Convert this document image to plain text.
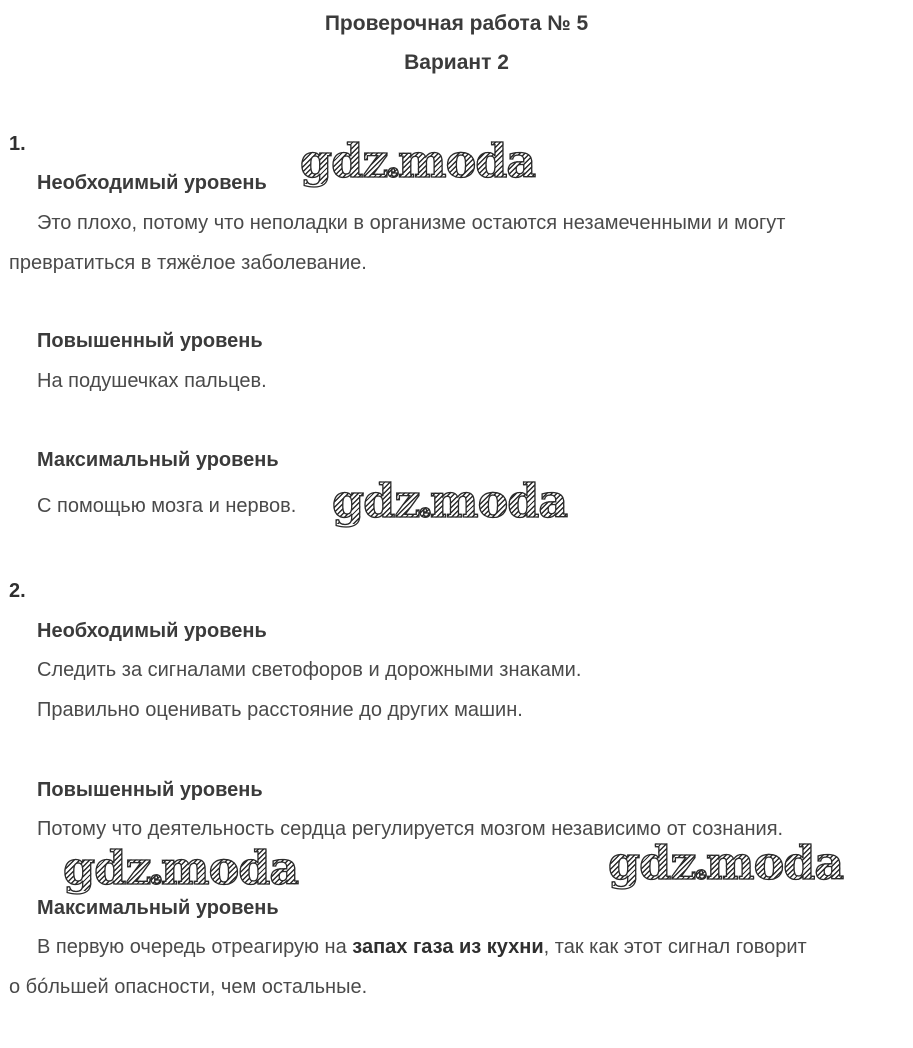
Проверочная работа № 5
Вариант 2
1.
Необходимый уровень
Это плохо, потому что неполадки в организме остаются незамеченными и могут
превратиться в тяжёлое заболевание.
Повышенный уровень
На подушечках пальцев.
Максимальный уровень
С помощью мозга и нервов.
2.
Необходимый уровень
Следить за сигналами светофоров и дорожными знаками.
Правильно оценивать расстояние до других машин.
Повышенный уровень
Потому что деятельность сердца регулируется мозгом независимо от сознания.
Максимальный уровень
В первую очередь отреагирую на запах газа из кухни, так как этот сигнал говорит
о бóльшей опасности, чем остальные.
gdzemoda
gdzemoda
gdzemoda	gdzemoda
